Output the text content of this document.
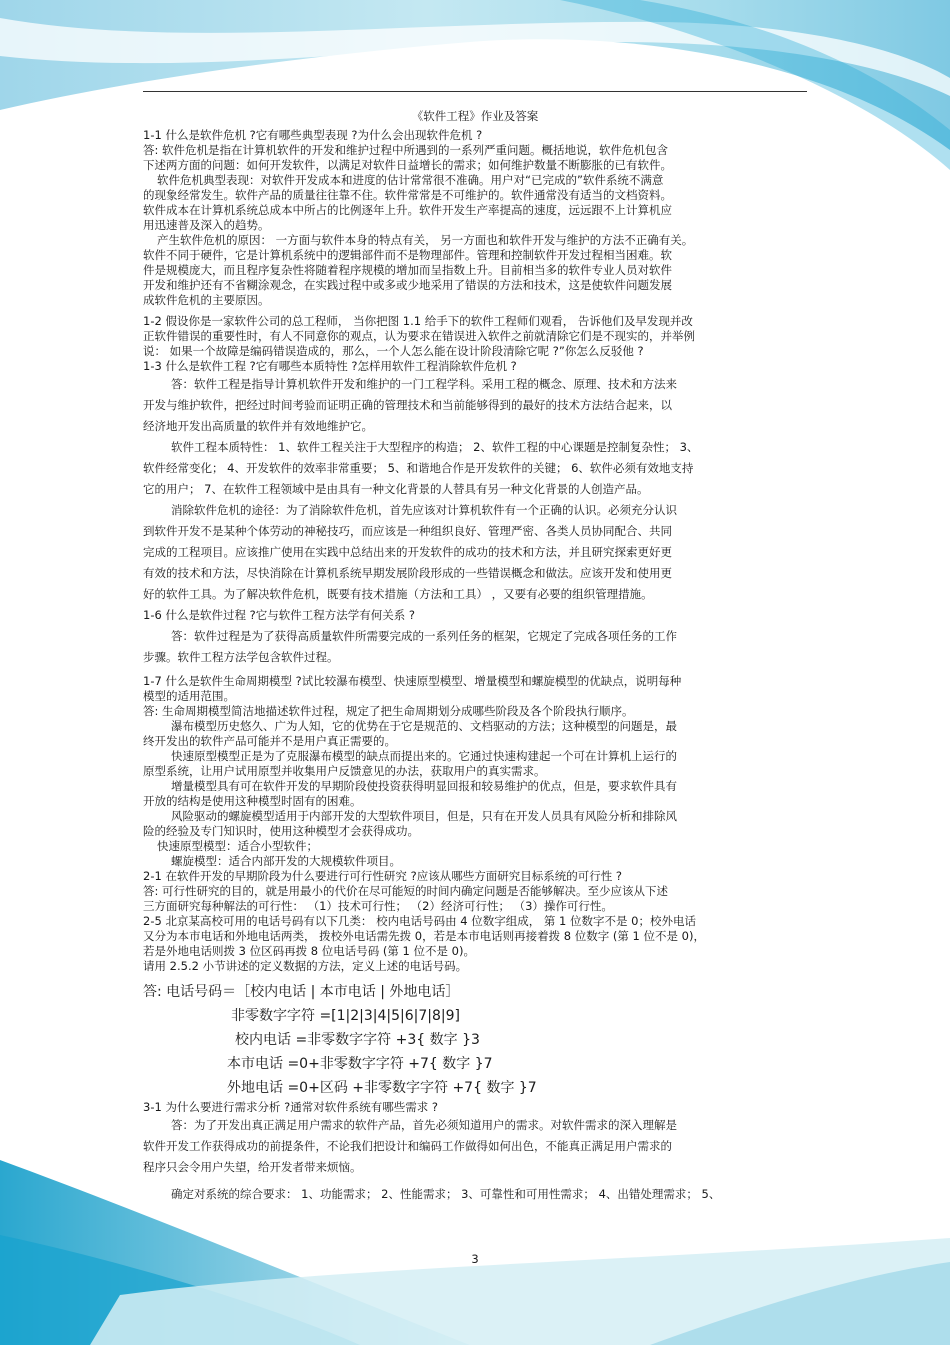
《软件工程》作业及答案
1-1 什么是软件危机 ?它有哪些典型表现 ?为什么会出现软件危机 ?
答: 软件危机是指在计算机软件的开发和维护过程中所遇到的一系列严重问题。概括地说，软件危机包含
下述两方面的问题：如何开发软件，以满足对软件日益增长的需求；如何维护数量不断膨胀的已有软件。
软件危机典型表现：对软件开发成本和进度的估计常常很不准确。用户对“已完成的”软件系统不满意
的现象经常发生。软件产品的质量往往靠不住。软件常常是不可维护的。软件通常没有适当的文档资料。
软件成本在计算机系统总成本中所占的比例逐年上升。软件开发生产率提高的速度，远远跟不上计算机应
用迅速普及深入的趋势。
产生软件危机的原因： 一方面与软件本身的特点有关， 另一方面也和软件开发与维护的方法不正确有关。
软件不同于硬件，它是计算机系统中的逻辑部件而不是物理部件。管理和控制软件开发过程相当困难。软
件是规模庞大，而且程序复杂性将随着程序规模的增加而呈指数上升。目前相当多的软件专业人员对软件
开发和维护还有不省糊涂观念，在实践过程中或多或少地采用了错误的方法和技术，这是使软件问题发展
成软件危机的主要原因。
1-2 假设你是一家软件公司的总工程师， 当你把图 1.1 给手下的软件工程师们观看， 告诉他们及早发现并改
正软件错误的重要性时，有人不同意你的观点，认为要求在错误进入软件之前就清除它们是不现实的，并举例
说： 如果一个故障是编码错误造成的，那么，一个人怎么能在设计阶段清除它呢 ?”你怎么反驳他 ?
1-3 什么是软件工程 ?它有哪些本质特性 ?怎样用软件工程消除软件危机 ?
答：软件工程是指导计算机软件开发和维护的一门工程学科。采用工程的概念、原理、技术和方法来
开发与维护软件，把经过时间考验而证明正确的管理技术和当前能够得到的最好的技术方法结合起来，以
经济地开发出高质量的软件并有效地维护它。
软件工程本质特性： 1、软件工程关注于大型程序的构造； 2、软件工程的中心课题是控制复杂性； 3、
软件经常变化； 4、开发软件的效率非常重要； 5、和谐地合作是开发软件的关键； 6、软件必须有效地支持
它的用户； 7、在软件工程领域中是由具有一种文化背景的人替具有另一种文化背景的人创造产品。
消除软件危机的途径：为了消除软件危机，首先应该对计算机软件有一个正确的认识。必须充分认识
到软件开发不是某种个体劳动的神秘技巧，而应该是一种组织良好、管理严密、各类人员协同配合、共同
完成的工程项目。应该推广使用在实践中总结出来的开发软件的成功的技术和方法，并且研究探索更好更
有效的技术和方法，尽快消除在计算机系统早期发展阶段形成的一些错误概念和做法。应该开发和使用更
好的软件工具。为了解决软件危机，既要有技术措施（方法和工具） ，又要有必要的组织管理措施。
1-6 什么是软件过程 ?它与软件工程方法学有何关系 ?
答：软件过程是为了获得高质量软件所需要完成的一系列任务的框架，它规定了完成各项任务的工作
步骤。软件工程方法学包含软件过程。
1-7 什么是软件生命周期模型 ?试比较瀑布模型、快速原型模型、增量模型和螺旋模型的优缺点，说明每种
模型的适用范围。
答: 生命周期模型简洁地描述软件过程，规定了把生命周期划分成哪些阶段及各个阶段执行顺序。
瀑布模型历史悠久、广为人知，它的优势在于它是规范的、文档驱动的方法；这种模型的问题是，最
终开发出的软件产品可能并不是用户真正需要的。
快速原型模型正是为了克服瀑布模型的缺点而提出来的。它通过快速构建起一个可在计算机上运行的
原型系统，让用户试用原型并收集用户反馈意见的办法，获取用户的真实需求。
增量模型具有可在软件开发的早期阶段使投资获得明显回报和较易维护的优点，但是，要求软件具有
开放的结构是使用这种模型时固有的困难。
风险驱动的螺旋模型适用于内部开发的大型软件项目，但是，只有在开发人员具有风险分析和排除风
险的经验及专门知识时，使用这种模型才会获得成功。
快速原型模型：适合小型软件；
螺旋模型：适合内部开发的大规模软件项目。
2-1 在软件开发的早期阶段为什么要进行可行性研究 ?应该从哪些方面研究目标系统的可行性 ?
答: 可行性研究的目的，就是用最小的代价在尽可能短的时间内确定问题是否能够解决。至少应该从下述
三方面研究每种解法的可行性： （1）技术可行性； （2）经济可行性； （3）操作可行性。
2-5 北京某高校可用的电话号码有以下几类： 校内电话号码由 4 位数字组成， 第 1 位数字不是 0；校外电话
又分为本市电话和外地电话两类， 拨校外电话需先拨 0，若是本市电话则再接着拨 8 位数字 (第 1 位不是 0)，
若是外地电话则拨 3 位区码再拨 8 位电话号码 (第 1 位不是 0)。
请用 2.5.2 小节讲述的定义数据的方法，定义上述的电话号码。
答: 电话号码＝［校内电话 | 本市电话 | 外地电话］
非零数字字符 =[1|2|3|4|5|6|7|8|9]
校内电话 =非零数字字符 +3{ 数字 }3
本市电话 =0+非零数字字符 +7{ 数字 }7
外地电话 =0+区码 +非零数字字符 +7{ 数字 }7
3-1 为什么要进行需求分析 ?通常对软件系统有哪些需求 ?
答：为了开发出真正满足用户需求的软件产品，首先必须知道用户的需求。对软件需求的深入理解是
软件开发工作获得成功的前提条件，不论我们把设计和编码工作做得如何出色，不能真正满足用户需求的
程序只会令用户失望，给开发者带来烦恼。
确定对系统的综合要求： 1、功能需求； 2、性能需求； 3、可靠性和可用性需求； 4、出错处理需求； 5、
3
